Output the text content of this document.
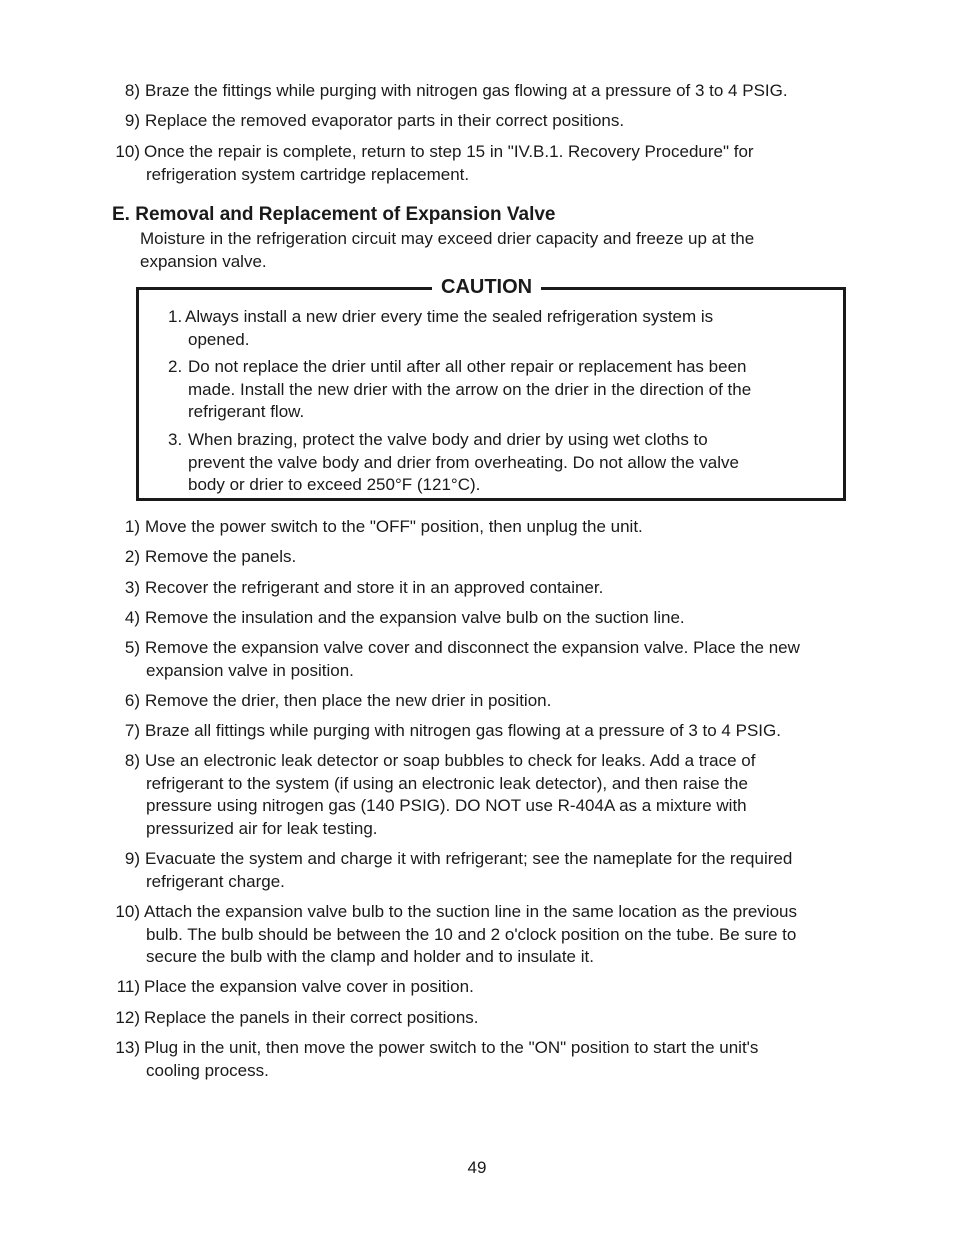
8) Braze the fittings while purging with nitrogen gas flowing at a pressure of 3 to 4 PSIG.
9) Replace the removed evaporator parts in their correct positions.
10) Once the repair is complete, return to step 15 in "IV.B.1. Recovery Procedure" for
refrigeration system cartridge replacement.
E. Removal and Replacement of Expansion Valve
Moisture in the refrigeration circuit may exceed drier capacity and freeze up at the
expansion valve.
CAUTION
1. Always install a new drier every time the sealed refrigeration system is
opened.
2. Do not replace the drier until after all other repair or replacement has been
made. Install the new drier with the arrow on the drier in the direction of the
refrigerant flow.
3. When brazing, protect the valve body and drier by using wet cloths to
prevent the valve body and drier from overheating. Do not allow the valve
body or drier to exceed 250°F (121°C).
1) Move the power switch to the "OFF" position, then unplug the unit.
2) Remove the panels.
3) Recover the refrigerant and store it in an approved container.
4) Remove the insulation and the expansion valve bulb on the suction line.
5) Remove the expansion valve cover and disconnect the expansion valve. Place the new
expansion valve in position.
6) Remove the drier, then place the new drier in position.
7) Braze all fittings while purging with nitrogen gas flowing at a pressure of 3 to 4 PSIG.
8) Use an electronic leak detector or soap bubbles to check for leaks. Add a trace of
refrigerant to the system (if using an electronic leak detector), and then raise the
pressure using nitrogen gas (140 PSIG). DO NOT use R-404A as a mixture with
pressurized air for leak testing.
9) Evacuate the system and charge it with refrigerant; see the nameplate for the required
refrigerant charge.
10) Attach the expansion valve bulb to the suction line in the same location as the previous
bulb. The bulb should be between the 10 and 2 o'clock position on the tube. Be sure to
secure the bulb with the clamp and holder and to insulate it.
11) Place the expansion valve cover in position.
12) Replace the panels in their correct positions.
13) Plug in the unit, then move the power switch to the "ON" position to start the unit's
cooling process.
49
